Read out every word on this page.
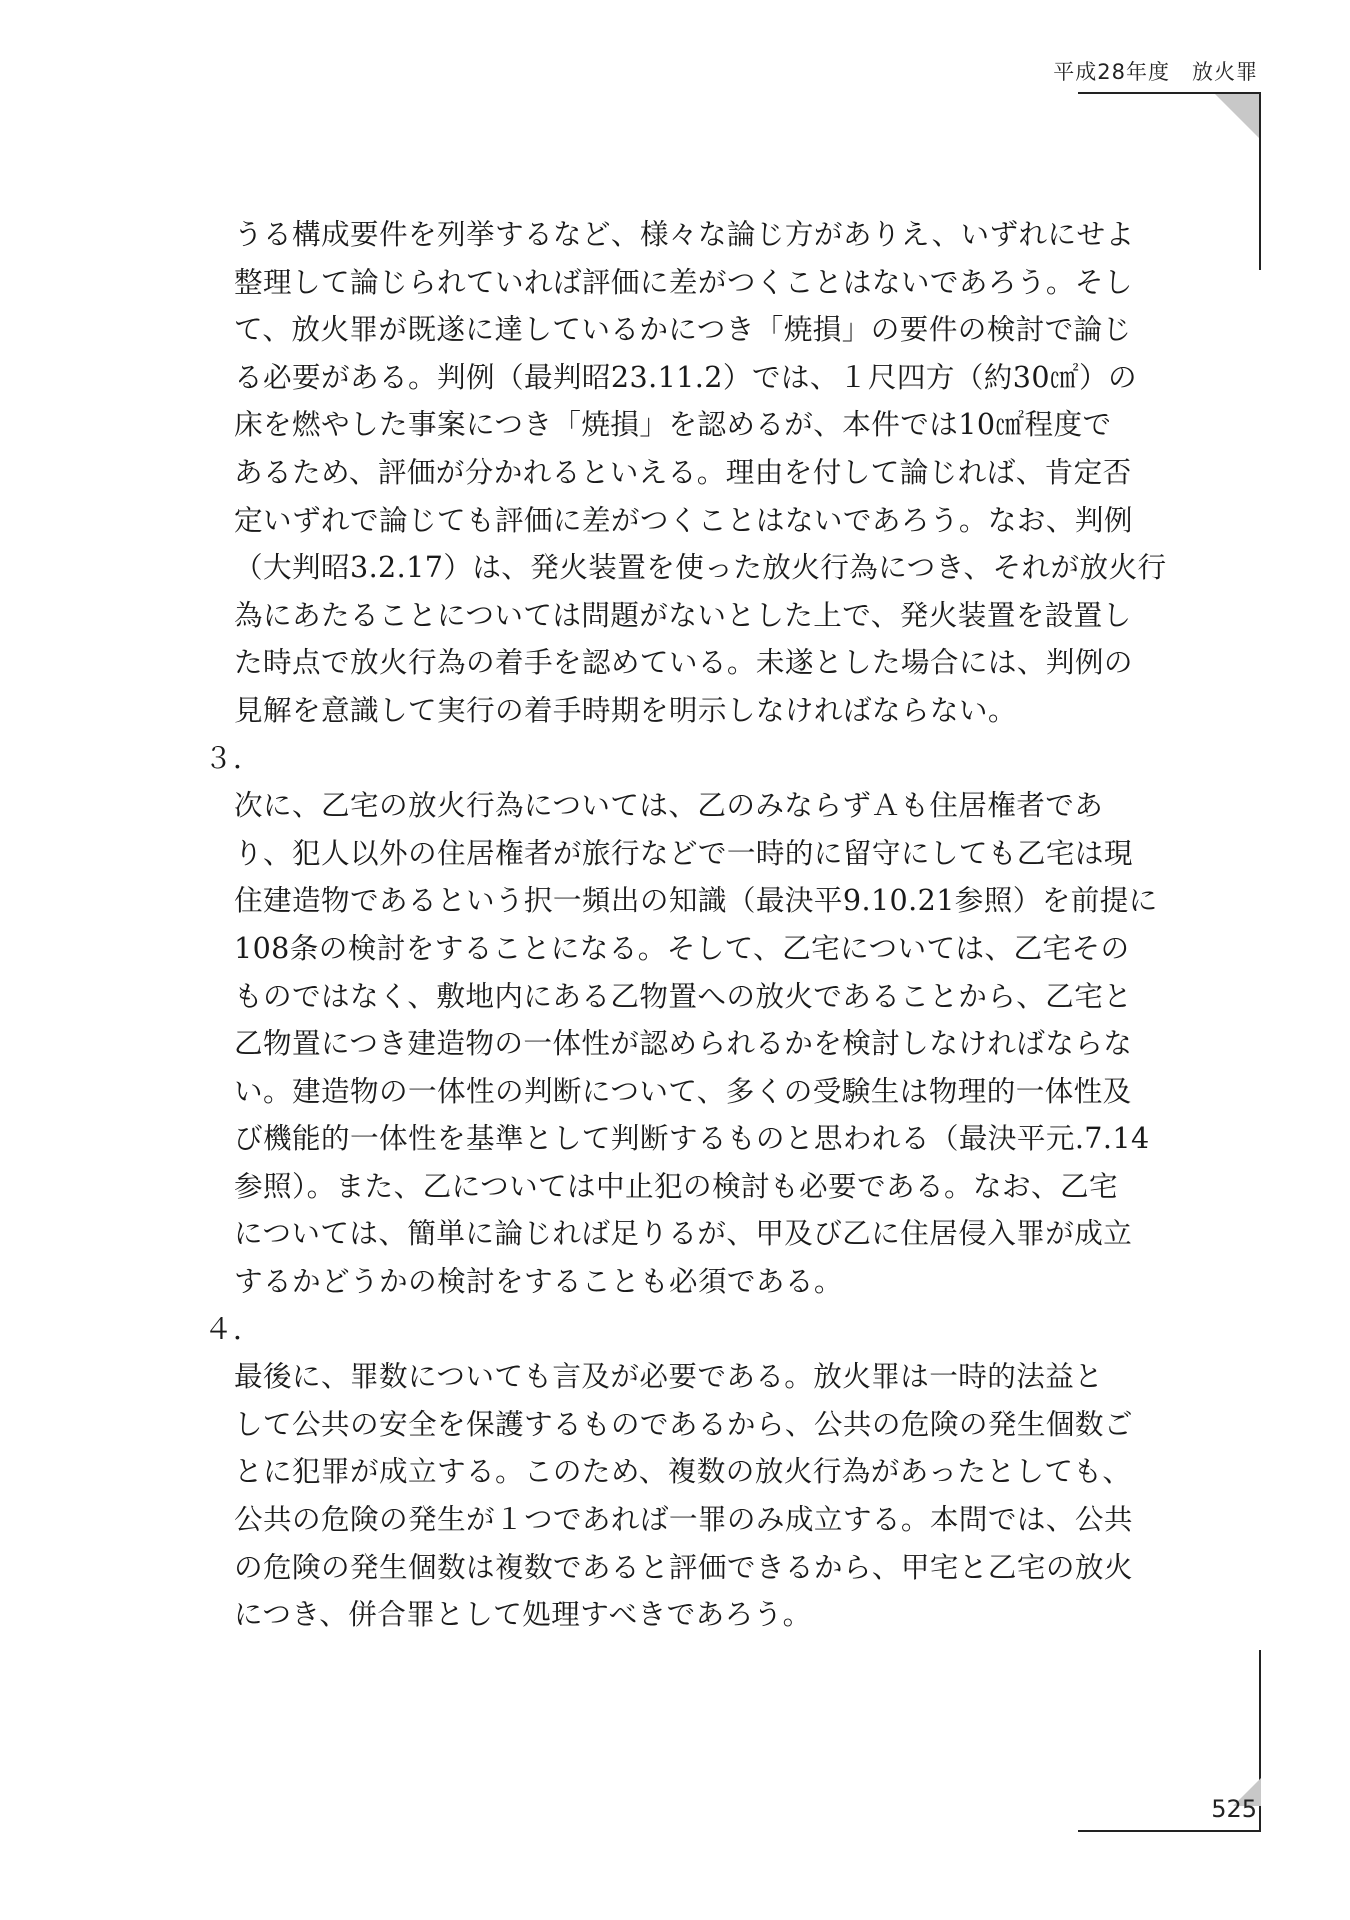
平成28年度 放火罪

うる構成要件を列挙するなど、様々な論じ方がありえ、いずれにせよ
整理して論じられていれば評価に差がつくことはないであろう。そし
て、放火罪が既遂に達しているかにつき「焼損」の要件の検討で論じ
る必要がある。判例（最判昭23.11.2）では、１尺四方（約30㎠）の
床を燃やした事案につき「焼損」を認めるが、本件では10㎠程度で
あるため、評価が分かれるといえる。理由を付して論じれば、肯定否
定いずれで論じても評価に差がつくことはないであろう。なお、判例
（大判昭3.2.17）は、発火装置を使った放火行為につき、それが放火行
為にあたることについては問題がないとした上で、発火装置を設置し
た時点で放火行為の着手を認めている。未遂とした場合には、判例の
見解を意識して実行の着手時期を明示しなければならない。

３．
次に、乙宅の放火行為については、乙のみならずＡも住居権者であ
り、犯人以外の住居権者が旅行などで一時的に留守にしても乙宅は現
住建造物であるという択一頻出の知識（最決平9.10.21参照）を前提に
108条の検討をすることになる。そして、乙宅については、乙宅その
ものではなく、敷地内にある乙物置への放火であることから、乙宅と
乙物置につき建造物の一体性が認められるかを検討しなければならな
い。建造物の一体性の判断について、多くの受験生は物理的一体性及
び機能的一体性を基準として判断するものと思われる（最決平元.7.14
参照）。また、乙については中止犯の検討も必要である。なお、乙宅
については、簡単に論じれば足りるが、甲及び乙に住居侵入罪が成立
するかどうかの検討をすることも必須である。

４．
最後に、罪数についても言及が必要である。放火罪は一時的法益と
して公共の安全を保護するものであるから、公共の危険の発生個数ご
とに犯罪が成立する。このため、複数の放火行為があったとしても、
公共の危険の発生が１つであれば一罪のみ成立する。本問では、公共
の危険の発生個数は複数であると評価できるから、甲宅と乙宅の放火
につき、併合罪として処理すべきであろう。

525
